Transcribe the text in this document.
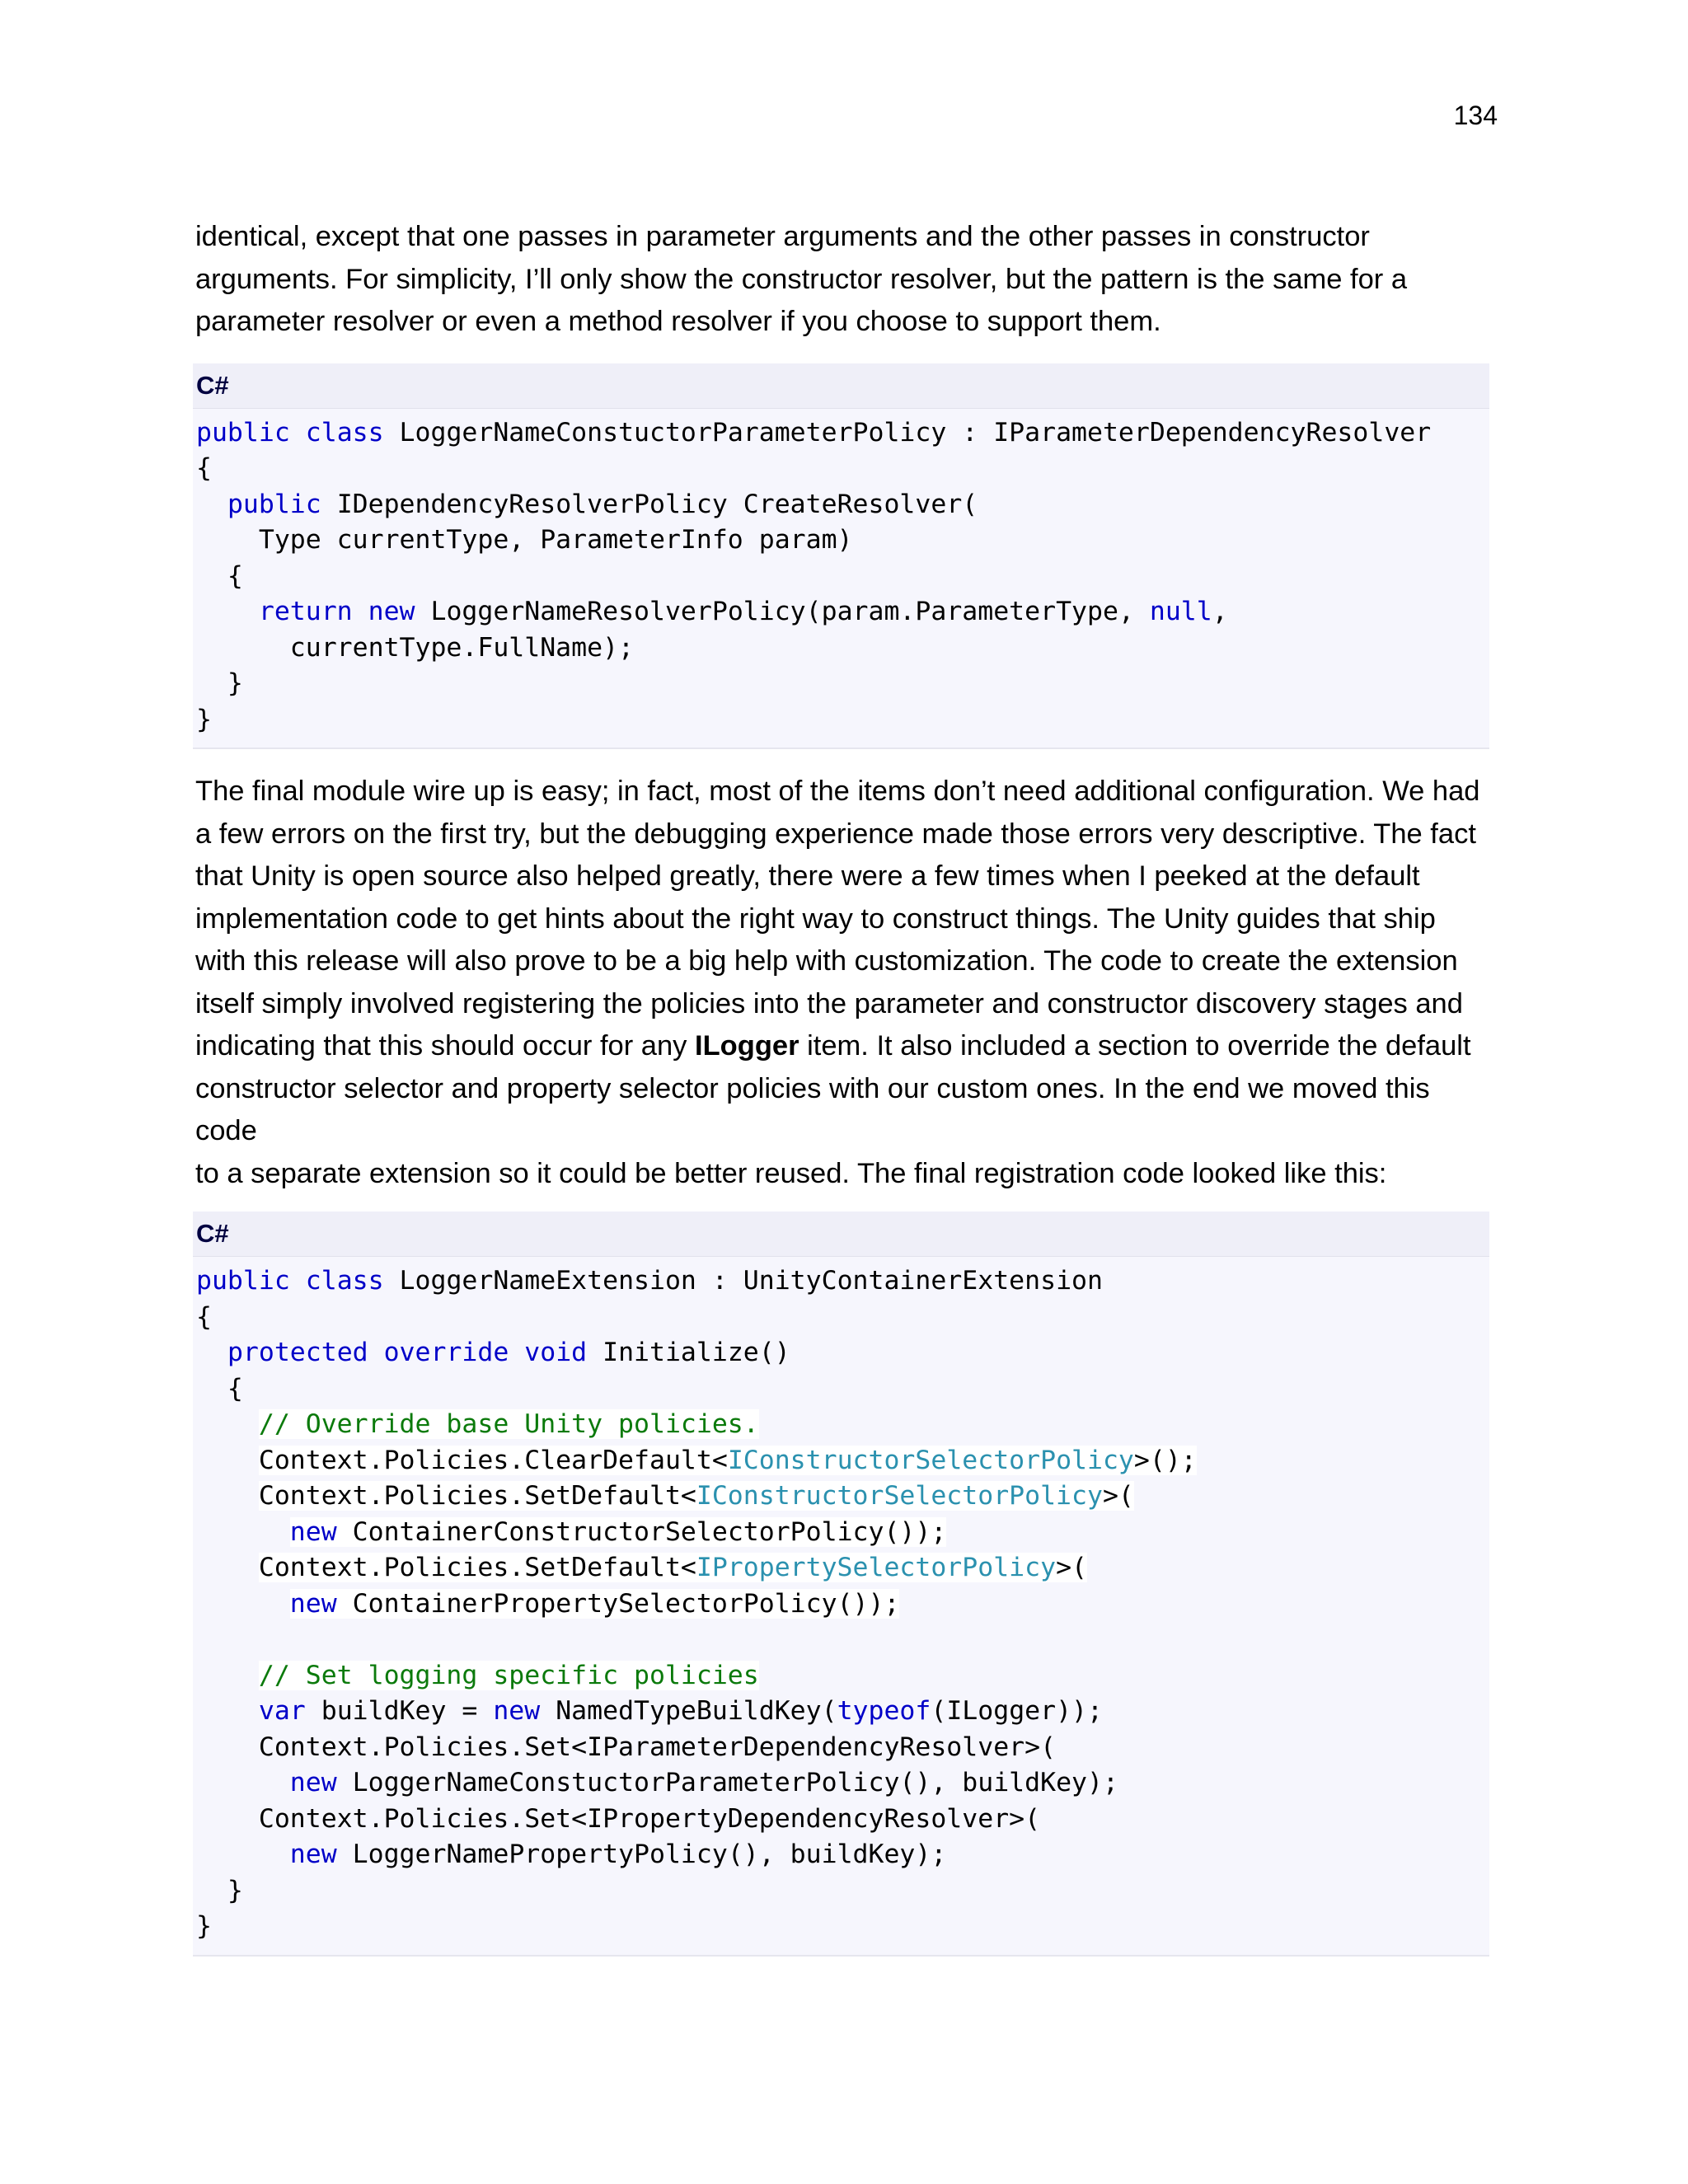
134
identical, except that one passes in parameter arguments and the other passes in constructor
arguments. For simplicity, I’ll only show the constructor resolver, but the pattern is the same for a
parameter resolver or even a method resolver if you choose to support them.
C#
public class LoggerNameConstuctorParameterPolicy : IParameterDependencyResolver
{
public IDependencyResolverPolicy CreateResolver(
Type currentType, ParameterInfo param)
{
return new LoggerNameResolverPolicy(param.ParameterType, null,
currentType.FullName);
}
}
The final module wire up is easy; in fact, most of the items don’t need additional configuration. We had
a few errors on the first try, but the debugging experience made those errors very descriptive. The fact
that Unity is open source also helped greatly, there were a few times when I peeked at the default
implementation code to get hints about the right way to construct things. The Unity guides that ship
with this release will also prove to be a big help with customization. The code to create the extension
itself simply involved registering the policies into the parameter and constructor discovery stages and
indicating that this should occur for any ILogger item. It also included a section to override the default
constructor selector and property selector policies with our custom ones. In the end we moved this code
to a separate extension so it could be better reused. The final registration code looked like this:
C#
public class LoggerNameExtension : UnityContainerExtension
{
protected override void Initialize()
{
// Override base Unity policies.
Context.Policies.ClearDefault<IConstructorSelectorPolicy>();
Context.Policies.SetDefault<IConstructorSelectorPolicy>(
new ContainerConstructorSelectorPolicy());
Context.Policies.SetDefault<IPropertySelectorPolicy>(
new ContainerPropertySelectorPolicy());
// Set logging specific policies
var buildKey = new NamedTypeBuildKey(typeof(ILogger));
Context.Policies.Set<IParameterDependencyResolver>(
new LoggerNameConstuctorParameterPolicy(), buildKey);
Context.Policies.Set<IPropertyDependencyResolver>(
new LoggerNamePropertyPolicy(), buildKey);
}
}
